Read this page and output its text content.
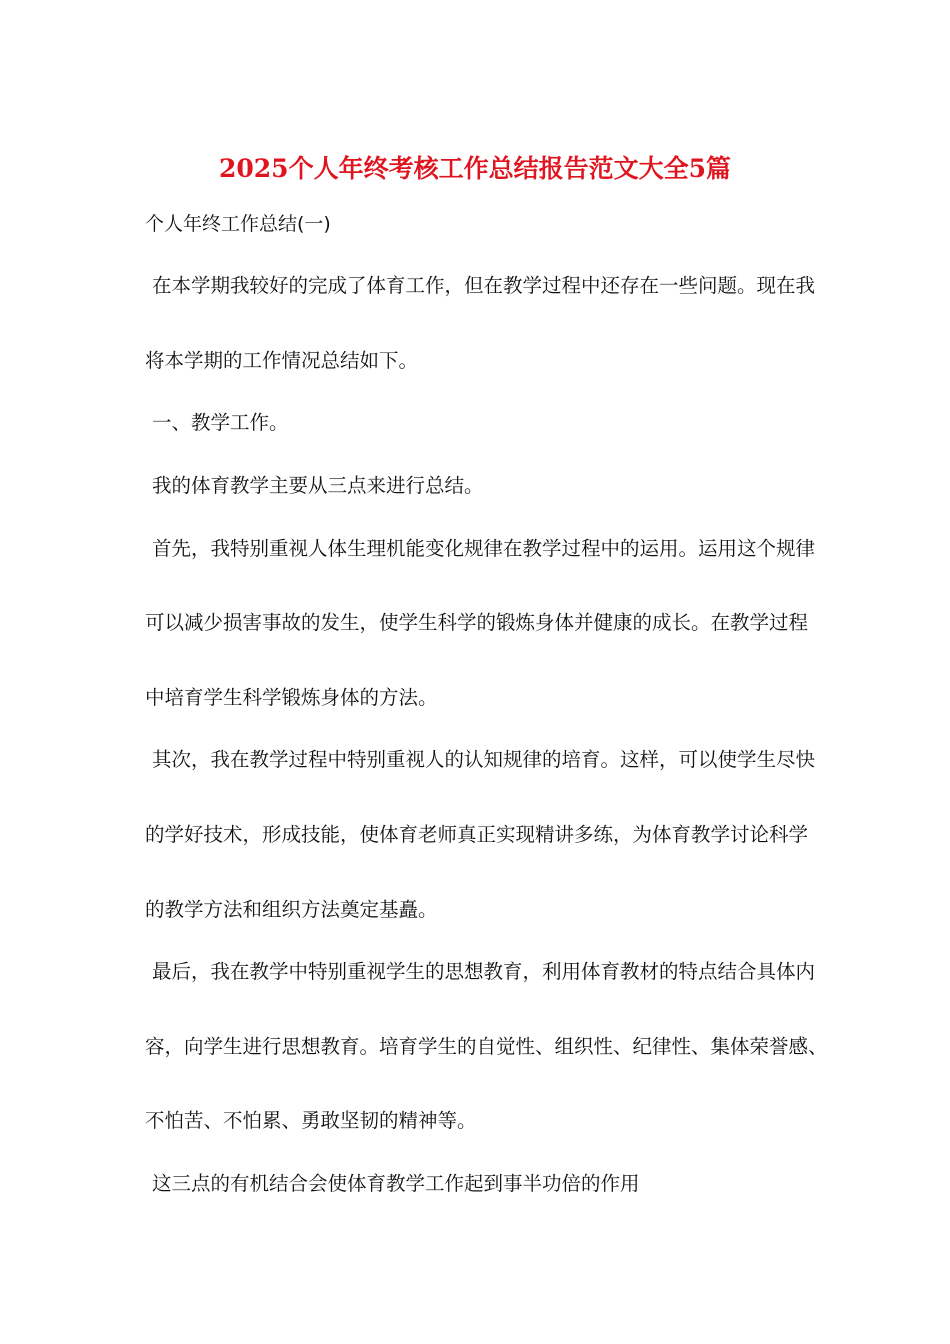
2025个人年终考核工作总结报告范文大全5篇
个人年终工作总结(一)
在本学期我较好的完成了体育工作，但在教学过程中还存在一些问题。现在我
将本学期的工作情况总结如下。
一、教学工作。
我的体育教学主要从三点来进行总结。
首先，我特别重视人体生理机能变化规律在教学过程中的运用。运用这个规律
可以减少损害事故的发生，使学生科学的锻炼身体并健康的成长。在教学过程
中培育学生科学锻炼身体的方法。
其次，我在教学过程中特别重视人的认知规律的培育。这样，可以使学生尽快
的学好技术，形成技能，使体育老师真正实现精讲多练，为体育教学讨论科学
的教学方法和组织方法奠定基矗。
最后，我在教学中特别重视学生的思想教育，利用体育教材的特点结合具体内
容，向学生进行思想教育。培育学生的自觉性、组织性、纪律性、集体荣誉感、
不怕苦、不怕累、勇敢坚韧的精神等。
这三点的有机结合会使体育教学工作起到事半功倍的作用
